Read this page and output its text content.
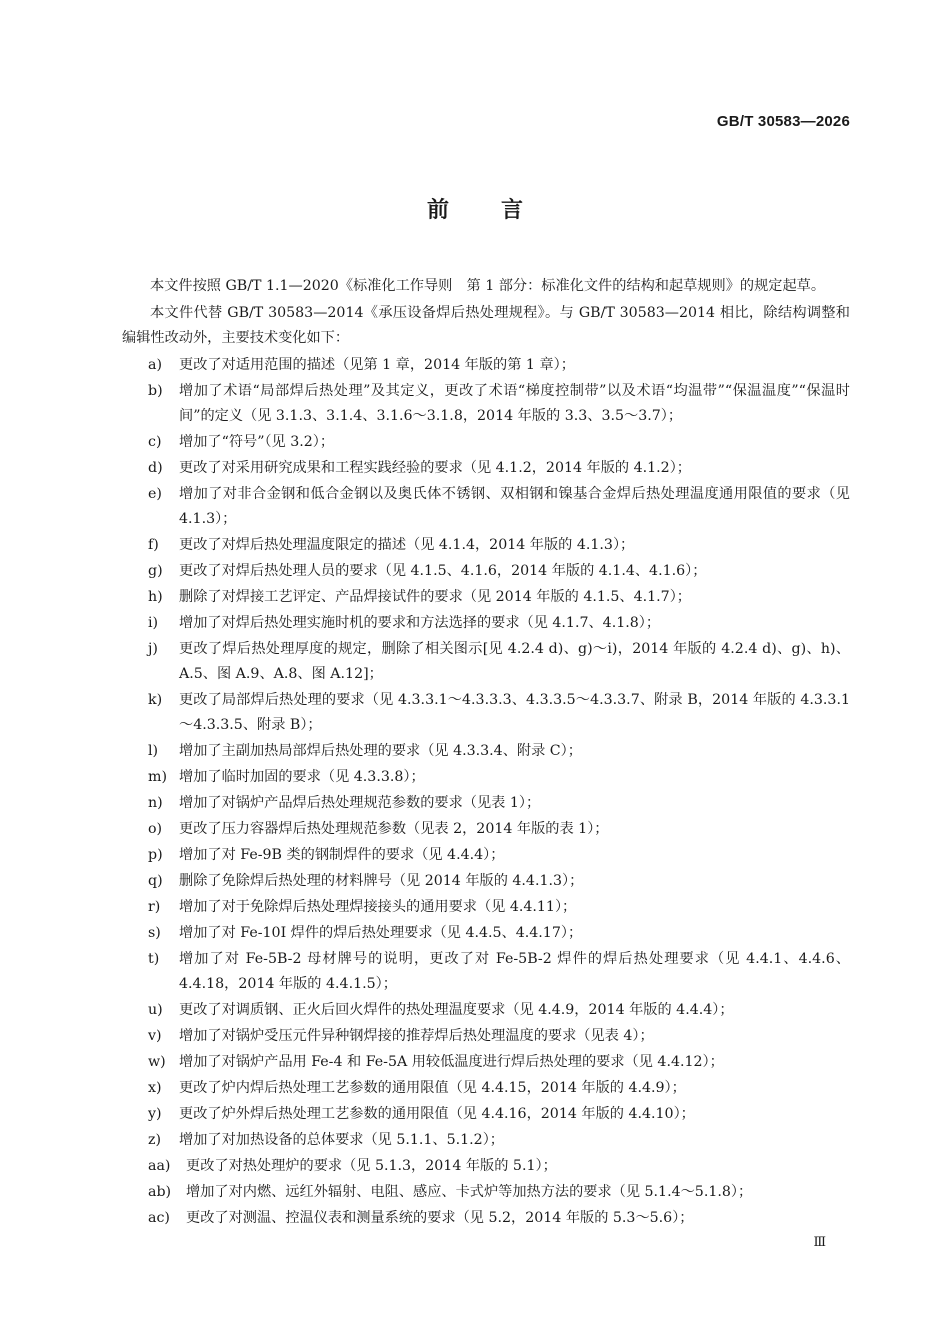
GB/T 30583—2026
前 言

本文件按照 GB/T 1.1—2020《标准化工作导则　第 1 部分：标准化文件的结构和起草规则》的规定起草。

本文件代替 GB/T 30583—2014《承压设备焊后热处理规程》。与 GB/T 30583—2014 相比，除结构调整和编辑性改动外，主要技术变化如下：

a) 更改了对适用范围的描述（见第 1 章，2014 年版的第 1 章）；
b) 增加了术语“局部焊后热处理”及其定义，更改了术语“梯度控制带”以及术语“均温带”“保温温度”“保温时间”的定义（见 3.1.3、3.1.4、3.1.6～3.1.8，2014 年版的 3.3、3.5～3.7）；
c) 增加了“符号”（见 3.2）；
d) 更改了对采用研究成果和工程实践经验的要求（见 4.1.2，2014 年版的 4.1.2）；
e) 增加了对非合金钢和低合金钢以及奥氏体不锈钢、双相钢和镍基合金焊后热处理温度通用限值的要求（见 4.1.3）；
f) 更改了对焊后热处理温度限定的描述（见 4.1.4，2014 年版的 4.1.3）；
g) 更改了对焊后热处理人员的要求（见 4.1.5、4.1.6，2014 年版的 4.1.4、4.1.6）；
h) 删除了对焊接工艺评定、产品焊接试件的要求（见 2014 年版的 4.1.5、4.1.7）；
i) 增加了对焊后热处理实施时机的要求和方法选择的要求（见 4.1.7、4.1.8）；
j) 更改了焊后热处理厚度的规定，删除了相关图示[见 4.2.4 d)、g)～i)，2014 年版的 4.2.4 d)、g)、h)、A.5、图 A.9、A.8、图 A.12]；
k) 更改了局部焊后热处理的要求（见 4.3.3.1～4.3.3.3、4.3.3.5～4.3.3.7、附录 B，2014 年版的 4.3.3.1～4.3.3.5、附录 B）；
l) 增加了主副加热局部焊后热处理的要求（见 4.3.3.4、附录 C）；
m) 增加了临时加固的要求（见 4.3.3.8）；
n) 增加了对锅炉产品焊后热处理规范参数的要求（见表 1）；
o) 更改了压力容器焊后热处理规范参数（见表 2，2014 年版的表 1）；
p) 增加了对 Fe-9B 类的钢制焊件的要求（见 4.4.4）；
q) 删除了免除焊后热处理的材料牌号（见 2014 年版的 4.4.1.3）；
r) 增加了对于免除焊后热处理焊接接头的通用要求（见 4.4.11）；
s) 增加了对 Fe-10I 焊件的焊后热处理要求（见 4.4.5、4.4.17）；
t) 增加了对 Fe-5B-2 母材牌号的说明，更改了对 Fe-5B-2 焊件的焊后热处理要求（见 4.4.1、4.4.6、4.4.18，2014 年版的 4.4.1.5）；
u) 更改了对调质钢、正火后回火焊件的热处理温度要求（见 4.4.9，2014 年版的 4.4.4）；
v) 增加了对锅炉受压元件异种钢焊接的推荐焊后热处理温度的要求（见表 4）；
w) 增加了对锅炉产品用 Fe-4 和 Fe-5A 用较低温度进行焊后热处理的要求（见 4.4.12）；
x) 更改了炉内焊后热处理工艺参数的通用限值（见 4.4.15，2014 年版的 4.4.9）；
y) 更改了炉外焊后热处理工艺参数的通用限值（见 4.4.16，2014 年版的 4.4.10）；
z) 增加了对加热设备的总体要求（见 5.1.1、5.1.2）；
aa) 更改了对热处理炉的要求（见 5.1.3，2014 年版的 5.1）；
ab) 增加了对内燃、远红外辐射、电阻、感应、卡式炉等加热方法的要求（见 5.1.4～5.1.8）；
ac) 更改了对测温、控温仪表和测量系统的要求（见 5.2，2014 年版的 5.3～5.6）；
Ⅲ
